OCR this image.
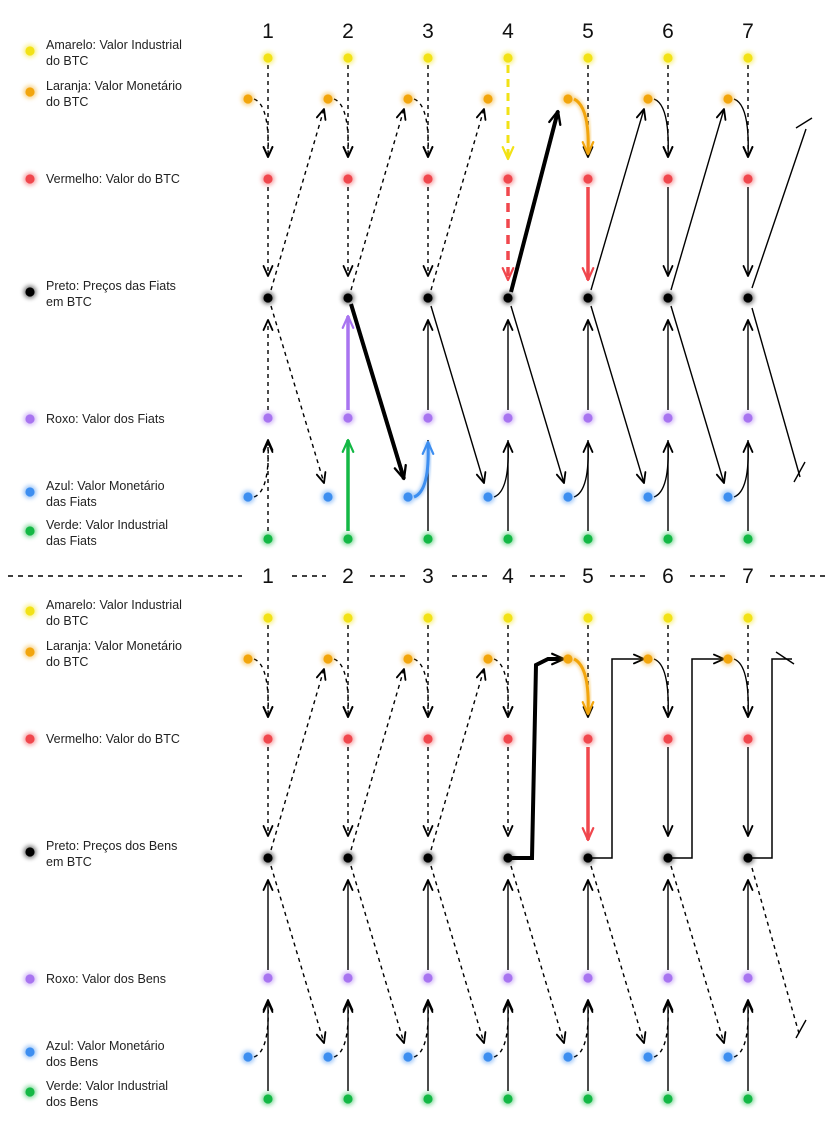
1	2	3	4	5	6	7
Amarelo: Valor Industrial
do BTC
Laranja: Valor Monetário
do BTC
Vermelho: Valor do BTC
Preto: Preços das Fiats
em BTC
Roxo: Valor dos Fiats
Azul: Valor Monetário
das Fiats
Verde: Valor Industrial
das Fiats
1	2	3	4	5	6	7
Amarelo: Valor Industrial
do BTC
Laranja: Valor Monetário
do BTC
Vermelho: Valor do BTC
Preto: Preços dos Bens
em BTC
Roxo: Valor dos Bens
Azul: Valor Monetário
dos Bens
Verde: Valor Industrial
dos Bens
